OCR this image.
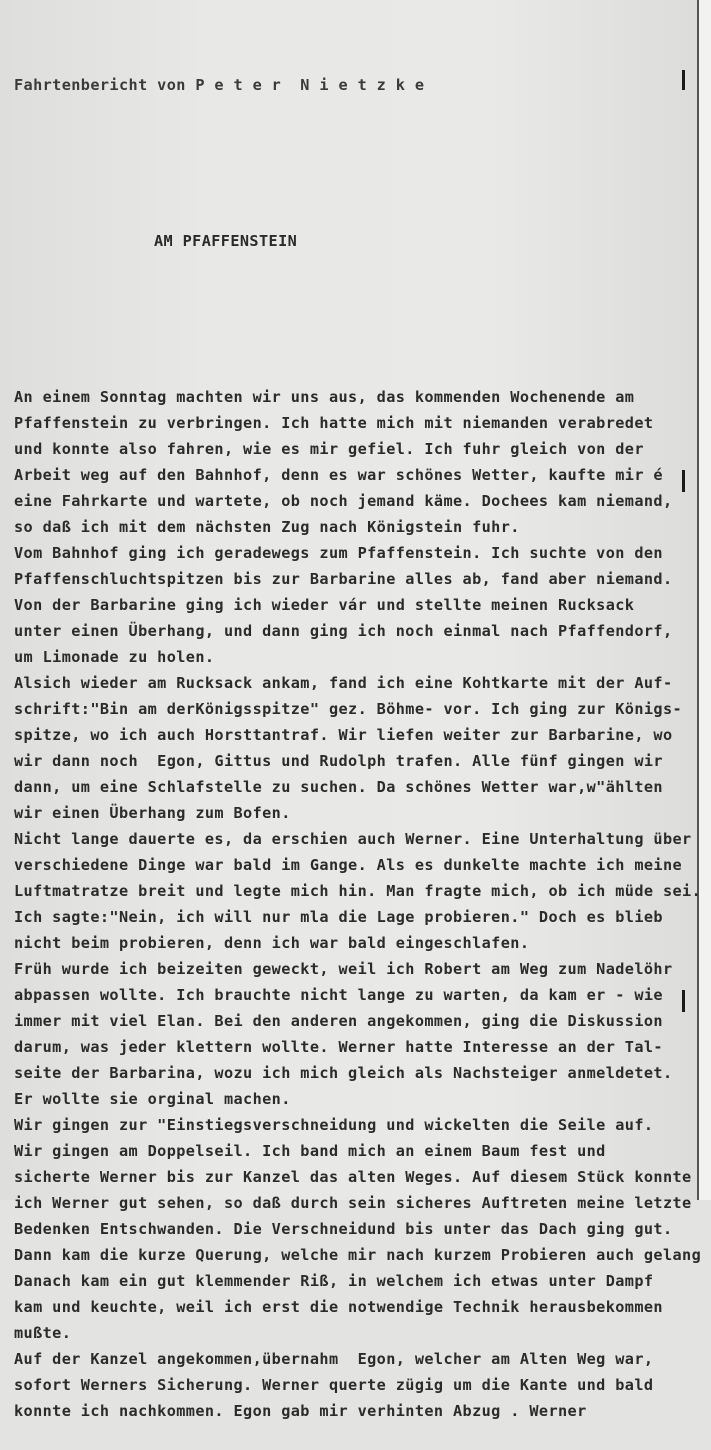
Fahrtenbericht von P e t e r  N i e t z k e

AM PFAFFENSTEIN

An einem Sonntag machten wir uns aus, das kommenden Wochenende am
Pfaffenstein zu verbringen. Ich hatte mich mit niemanden verabredet
und konnte also fahren, wie es mir gefiel. Ich fuhr gleich von der
Arbeit weg auf den Bahnhof, denn es war schönes Wetter, kaufte mir é
eine Fahrkarte und wartete, ob noch jemand käme. Dochees kam niemand,
so daß ich mit dem nächsten Zug nach Königstein fuhr.
Vom Bahnhof ging ich geradewegs zum Pfaffenstein. Ich suchte von den
Pfaffenschluchtspitzen bis zur Barbarine alles ab, fand aber niemand.
Von der Barbarine ging ich wieder vár und stellte meinen Rucksack
unter einen Überhang, und dann ging ich noch einmal nach Pfaffendorf,
um Limonade zu holen.
Alsich wieder am Rucksack ankam, fand ich eine Kohtkarte mit der Auf-
schrift:"Bin am derKönigsspitze" gez. Böhme- vor. Ich ging zur Königs-
spitze, wo ich auch Horsttantraf. Wir liefen weiter zur Barbarine, wo
wir dann noch  Egon, Gittus und Rudolph trafen. Alle fünf gingen wir
dann, um eine Schlafstelle zu suchen. Da schönes Wetter war,w"ählten
wir einen Überhang zum Bofen.
Nicht lange dauerte es, da erschien auch Werner. Eine Unterhaltung über
verschiedene Dinge war bald im Gange. Als es dunkelte machte ich meine
Luftmatratze breit und legte mich hin. Man fragte mich, ob ich müde sei.
Ich sagte:"Nein, ich will nur mla die Lage probieren." Doch es blieb
nicht beim probieren, denn ich war bald eingeschlafen.
Früh wurde ich beizeiten geweckt, weil ich Robert am Weg zum Nadelöhr
abpassen wollte. Ich brauchte nicht lange zu warten, da kam er - wie
immer mit viel Elan. Bei den anderen angekommen, ging die Diskussion
darum, was jeder klettern wollte. Werner hatte Interesse an der Tal-
seite der Barbarina, wozu ich mich gleich als Nachsteiger anmeldetet.
Er wollte sie orginal machen.
Wir gingen zur "Einstiegsverschneidung und wickelten die Seile auf.
Wir gingen am Doppelseil. Ich band mich an einem Baum fest und
sicherte Werner bis zur Kanzel das alten Weges. Auf diesem Stück konnte
ich Werner gut sehen, so daß durch sein sicheres Auftreten meine letzte
Bedenken Entschwanden. Die Verschneidund bis unter das Dach ging gut.
Dann kam die kurze Querung, welche mir nach kurzem Probieren auch gelang
Danach kam ein gut klemmender Riß, in welchem ich etwas unter Dampf
kam und keuchte, weil ich erst die notwendige Technik herausbekommen
mußte.
Auf der Kanzel angekommen,übernahm  Egon, welcher am Alten Weg war,
sofort Werners Sicherung. Werner querte zügig um die Kante und bald
konnte ich nachkommen. Egon gab mir verhinten Abzug . Werner
